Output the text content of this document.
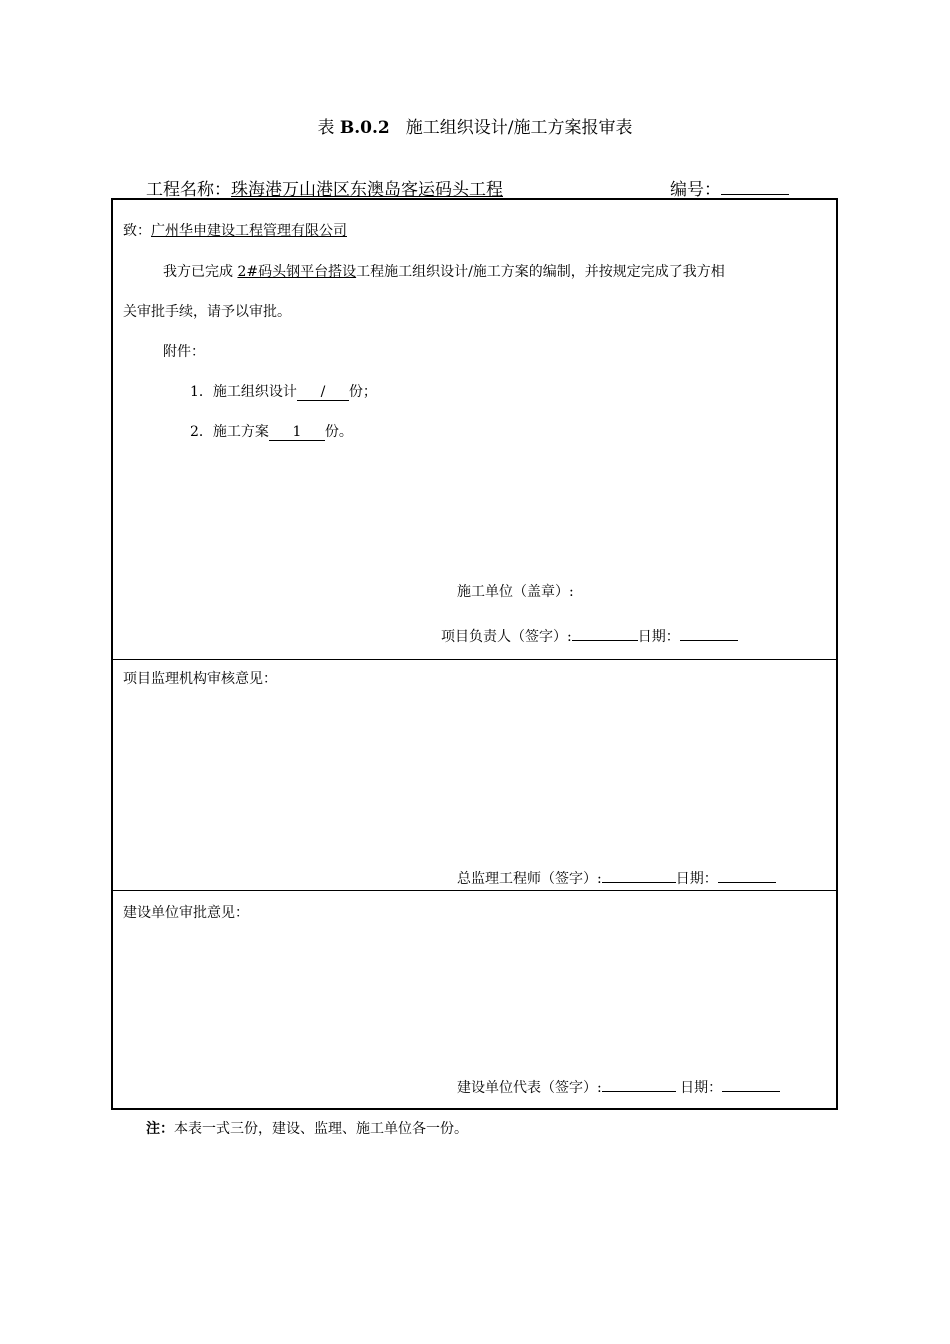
表 B.0.2 施工组织设计/施工方案报审表
工程名称：珠海港万山港区东澳岛客运码头工程	编号：
致：广州华申建设工程管理有限公司
我方已完成 2#码头钢平台搭设工程施工组织设计/施工方案的编制，并按规定完成了我方相
关审批手续，请予以审批。
附件：
1．施工组织设计 / 份；
2．施工方案 1 份。
施工单位（盖章）:
项目负责人（签字）:	日期：
项目监理机构审核意见：
总监理工程师（签字）:	日期：
建设单位审批意见：
建设单位代表（签字）:	日期：
注：本表一式三份，建设、监理、施工单位各一份。
